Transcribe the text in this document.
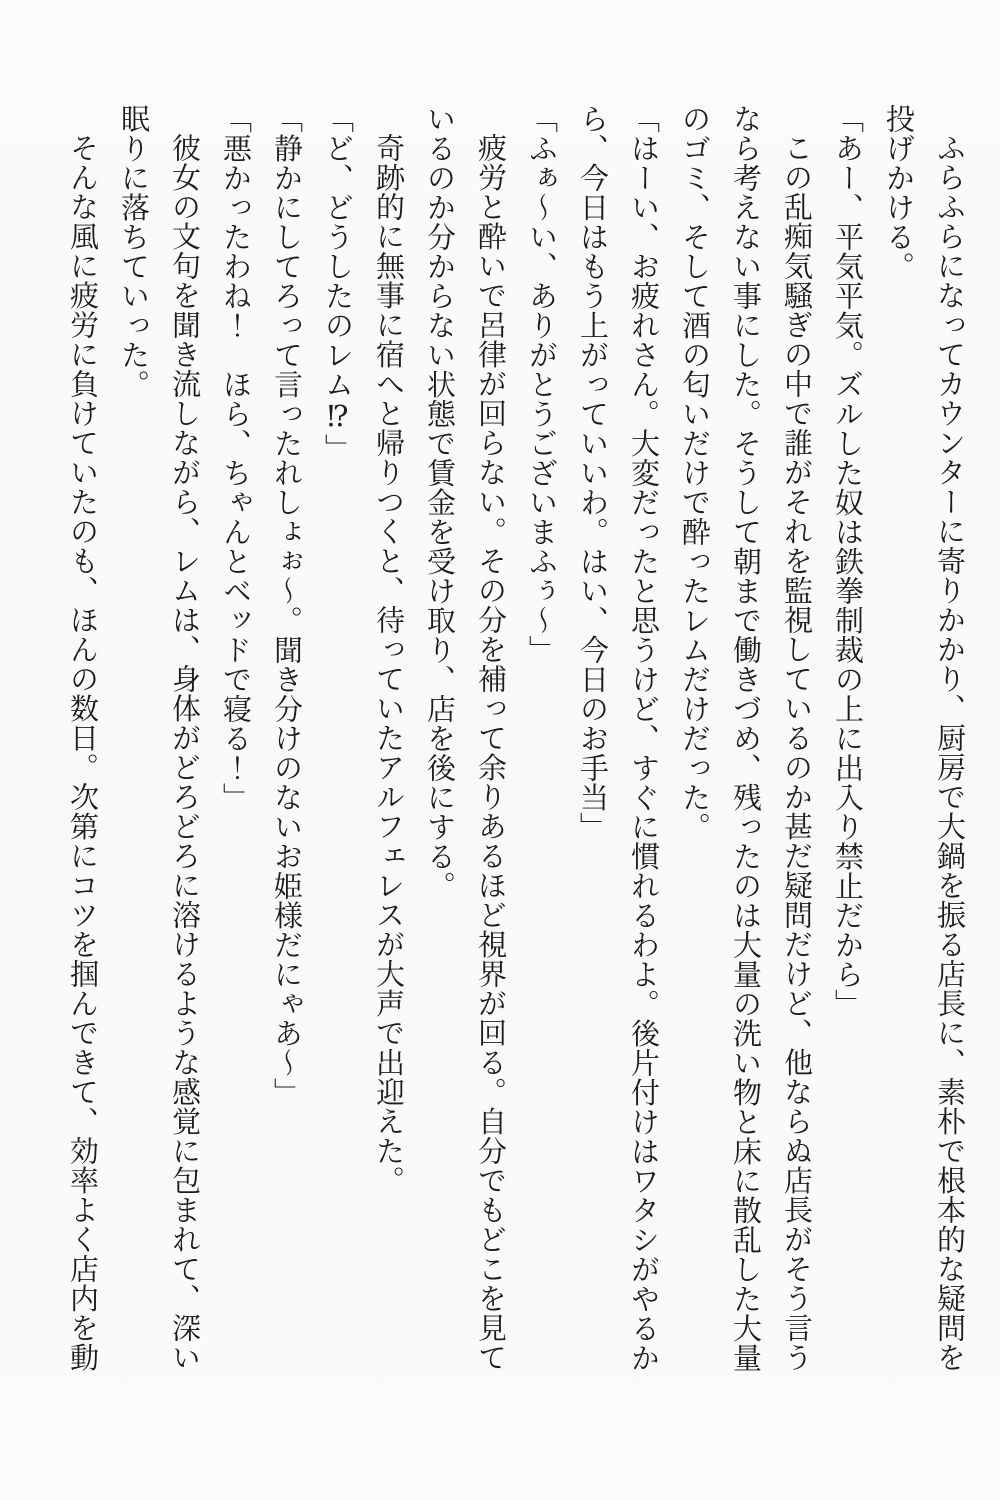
ふらふらになってカウンターに寄りかかり、厨房で大鍋を振る店長に、素朴で根本的な疑問を投げかける。

「あー、平気平気。ズルした奴は鉄拳制裁の上に出入り禁止だから」

この乱痴気騒ぎの中で誰がそれを監視しているのか甚だ疑問だけど、他ならぬ店長がそう言うなら考えない事にした。そうして朝まで働きづめ、残ったのは大量の洗い物と床に散乱した大量のゴミ、そして酒の匂いだけで酔ったレムだけだった。

「はーい、お疲れさん。大変だったと思うけど、すぐに慣れるわよ。後片付けはワタシがやるから、今日はもう上がっていいわ。はい、今日のお手当」

「ふぁ〜い、ありがとうございまふぅ〜」

疲労と酔いで呂律が回らない。その分を補って余りあるほど視界が回る。自分でもどこを見ているのか分からない状態で賃金を受け取り、店を後にする。

奇跡的に無事に宿へと帰りつくと、待っていたアルフェレスが大声で出迎えた。

「ど、どうしたのレム⁉」

「静かにしてろって言ったれしょぉ〜。聞き分けのないお姫様だにゃあ〜」

「悪かったわね！　ほら、ちゃんとベッドで寝る！」

彼女の文句を聞き流しながら、レムは、身体がどろどろに溶けるような感覚に包まれて、深い眠りに落ちていった。

そんな風に疲労に負けていたのも、ほんの数日。次第にコツを掴んできて、効率よく店内を動
